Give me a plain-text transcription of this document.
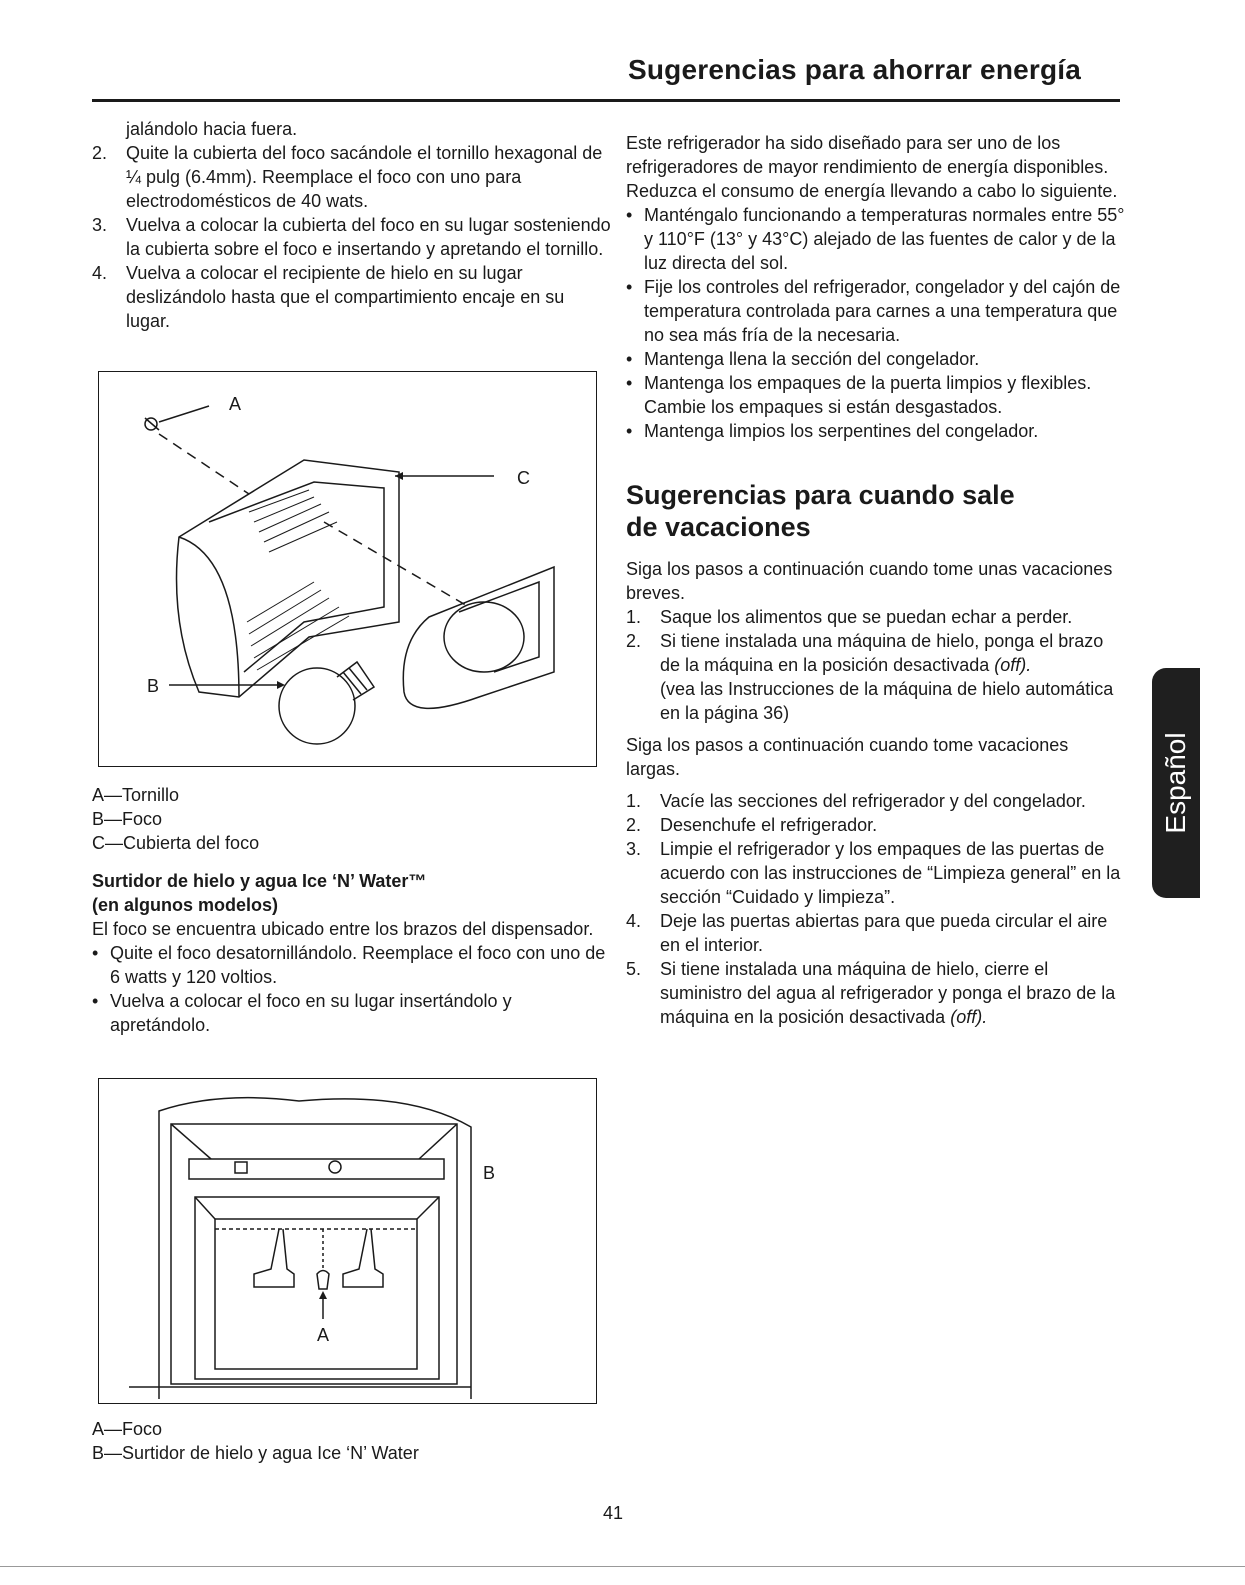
Sugerencias para ahorrar energía

jalándolo hacia fuera.

2. Quite la cubierta del foco sacándole el tornillo hexagonal de ¼ pulg (6.4mm). Reemplace el foco con uno para electrodomésticos de 40 wats.
3. Vuelva a colocar la cubierta del foco en su lugar sosteniendo la cubierta sobre el foco e insertando y apretando el tornillo.
4. Vuelva a colocar el recipiente de hielo en su lugar deslizándolo hasta que el compartimiento encaje en su lugar.
A
C
B
A—Tornillo
B—Foco
C—Cubierta del foco
Surtidor de hielo y agua Ice ‘N’ Water™
(en algunos modelos)

El foco se encuentra ubicado entre los brazos del dispensador.

• Quite el foco desatornillándolo. Reemplace el foco con uno de 6 watts y 120 voltios.
• Vuelva a colocar el foco en su lugar insertándolo y apretándolo.
A
B
A—Foco
B—Surtidor de hielo y agua Ice ‘N’ Water

Este refrigerador ha sido diseñado para ser uno de los refrigeradores de mayor rendimiento de energía disponibles. Reduzca el consumo de energía llevando a cabo lo siguiente.

• Manténgalo funcionando a temperaturas normales entre 55° y 110°F (13° y 43°C) alejado de las fuentes de calor y de la luz directa del sol.
• Fije los controles del refrigerador, congelador y del cajón de temperatura controlada para carnes a una temperatura que no sea más fría de la necesaria.
• Mantenga llena la sección del congelador.
• Mantenga los empaques de la puerta limpios y flexibles. Cambie los empaques si están desgastados.
• Mantenga limpios los serpentines del congelador.
Sugerencias para cuando sale
de vacaciones

Siga los pasos a continuación cuando tome unas vacaciones breves.

1. Saque los alimentos que se puedan echar a perder.
2. Si tiene instalada una máquina de hielo, ponga el brazo de la máquina en la posición desactivada (off).
(vea las Instrucciones de la máquina de hielo automática en la página 36)

Siga los pasos a continuación cuando tome vacaciones largas.

1. Vacíe las secciones del refrigerador y del congelador.
2. Desenchufe el refrigerador.
3. Limpie el refrigerador y los empaques de las puertas de acuerdo con las instrucciones de “Limpieza general” en la sección “Cuidado y limpieza”.
4. Deje las puertas abiertas para que pueda circular el aire en el interior.
5. Si tiene instalada una máquina de hielo, cierre el suministro del agua al refrigerador y ponga el brazo de la máquina en la posición desactivada (off).
Español
41
